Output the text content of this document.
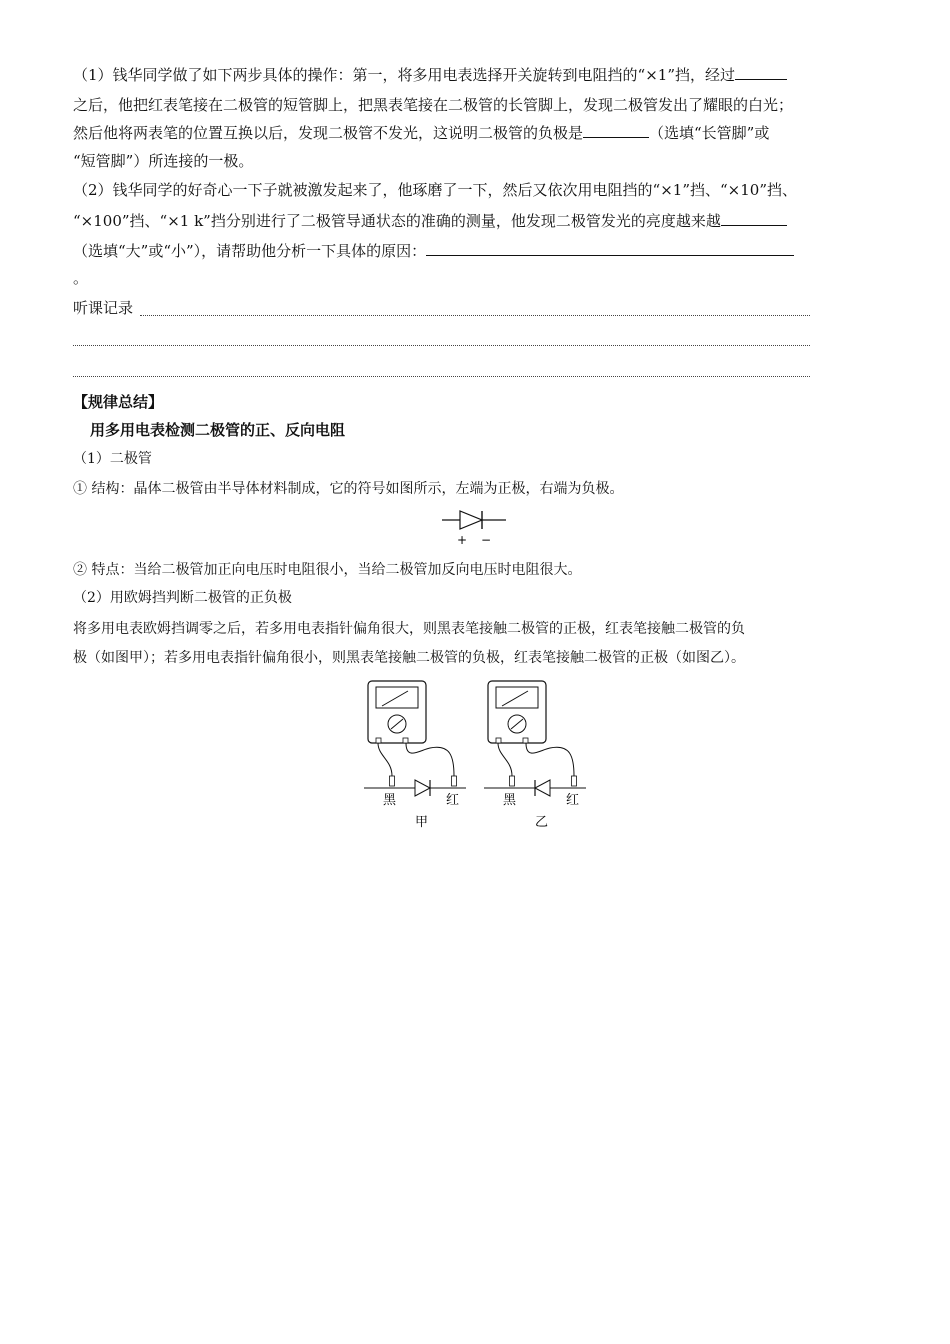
（1）钱华同学做了如下两步具体的操作：第一，将多用电表选择开关旋转到电阻挡的“×1”挡，经过
之后，他把红表笔接在二极管的短管脚上，把黑表笔接在二极管的长管脚上，发现二极管发出了耀眼的白光；
然后他将两表笔的位置互换以后，发现二极管不发光，这说明二极管的负极是	（选填“长管脚”或
“短管脚”）所连接的一极。
（2）钱华同学的好奇心一下子就被激发起来了，他琢磨了一下，然后又依次用电阻挡的“×1”挡、“×10”挡、
“×100”挡、“×1 k”挡分别进行了二极管导通状态的准确的测量，他发现二极管发光的亮度越来越
（选填“大”或“小”），请帮助他分析一下具体的原因：
。
听课记录
【规律总结】
用多用电表检测二极管的正、反向电阻
（1）二极管
① 结构：晶体二极管由半导体材料制成，它的符号如图所示，左端为正极，右端为负极。
+ −
② 特点：当给二极管加正向电压时电阻很小，当给二极管加反向电压时电阻很大。
（2）用欧姆挡判断二极管的正负极
将多用电表欧姆挡调零之后，若多用电表指针偏角很大，则黑表笔接触二极管的正极，红表笔接触二极管的负
极（如图甲）；若多用电表指针偏角很小，则黑表笔接触二极管的负极，红表笔接触二极管的正极（如图乙）。
黑	红
甲
黑	红
乙
